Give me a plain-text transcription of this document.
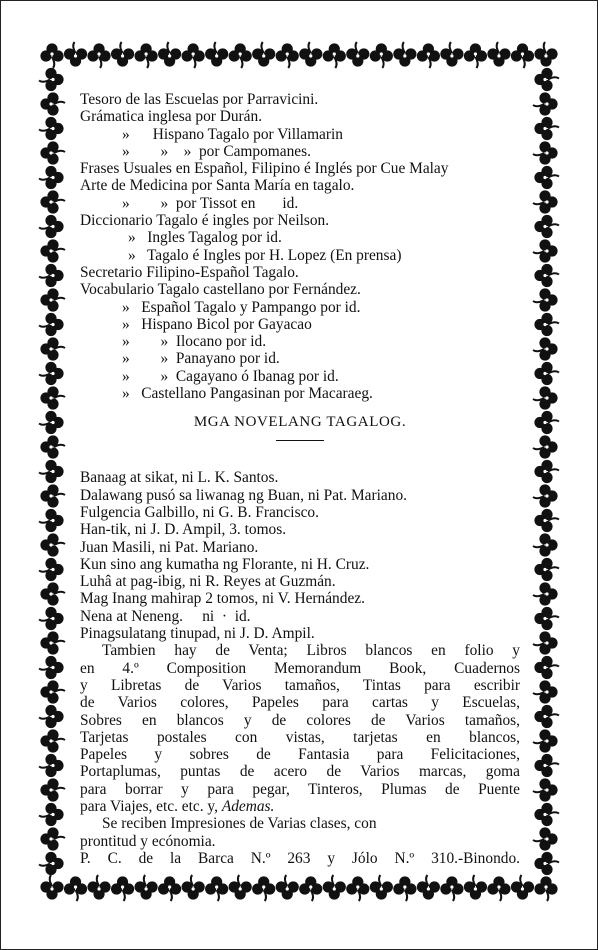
Tesoro de las Escuelas por Parravicini.
Grámatica inglesa por Durán.
»      Hispano Tagalo por Villamarin
»        »    »  por Campomanes.
Frases Usuales en Español, Filipino é Inglés por Cue Malay
Arte de Medicina por Santa María en tagalo.
»        »  por Tissot en       id.
Diccionario Tagalo é ingles por Neilson.
»   Ingles Tagalog por id.
»   Tagalo é Ingles por H. Lopez (En prensa)
Secretario Filipino-Español Tagalo.
Vocabulario Tagalo castellano por Fernández.
»   Español Tagalo y Pampango por id.
»   Hispano Bicol por Gayacao
»        »  Ilocano por id.
»        »  Panayano por id.
»        »  Cagayano ó Ibanag por id.
»   Castellano Pangasinan por Macaraeg.
MGA NOVELANG TAGALOG.
Banaag at sikat, ni L. K. Santos.
Dalawang pusó sa liwanag ng Buan, ni Pat. Mariano.
Fulgencia Galbillo, ni G. B. Francisco.
Han-tik, ni J. D. Ampil, 3. tomos.
Juan Masili, ni Pat. Mariano.
Kun sino ang kumatha ng Florante, ni H. Cruz.
Luhâ at pag-ibig, ni R. Reyes at Guzmán.
Mag Inang mahirap 2 tomos, ni V. Hernández.
Nena at Neneng.     ni  ·  id.
Pinagsulatang tinupad, ni J. D. Ampil.
Tambien hay de Venta; Libros blancos en folio y
en 4.º Composition Memorandum Book, Cuadernos
y Libretas de Varios tamaños, Tintas para escribir
de Varios colores, Papeles para cartas y Escuelas,
Sobres en blancos y de colores de Varios tamaños,
Tarjetas postales con vistas, tarjetas en blancos,
Papeles y sobres de Fantasia para Felicitaciones,
Portaplumas, puntas de acero de Varios marcas, goma
para borrar y para pegar, Tinteros, Plumas de Puente
para Viajes, etc. etc. y, Ademas.
Se reciben Impresiones de Varias clases, con
prontitud y ecónomia.
P. C. de la Barca N.º 263 y Jólo N.º 310.-Binondo.
